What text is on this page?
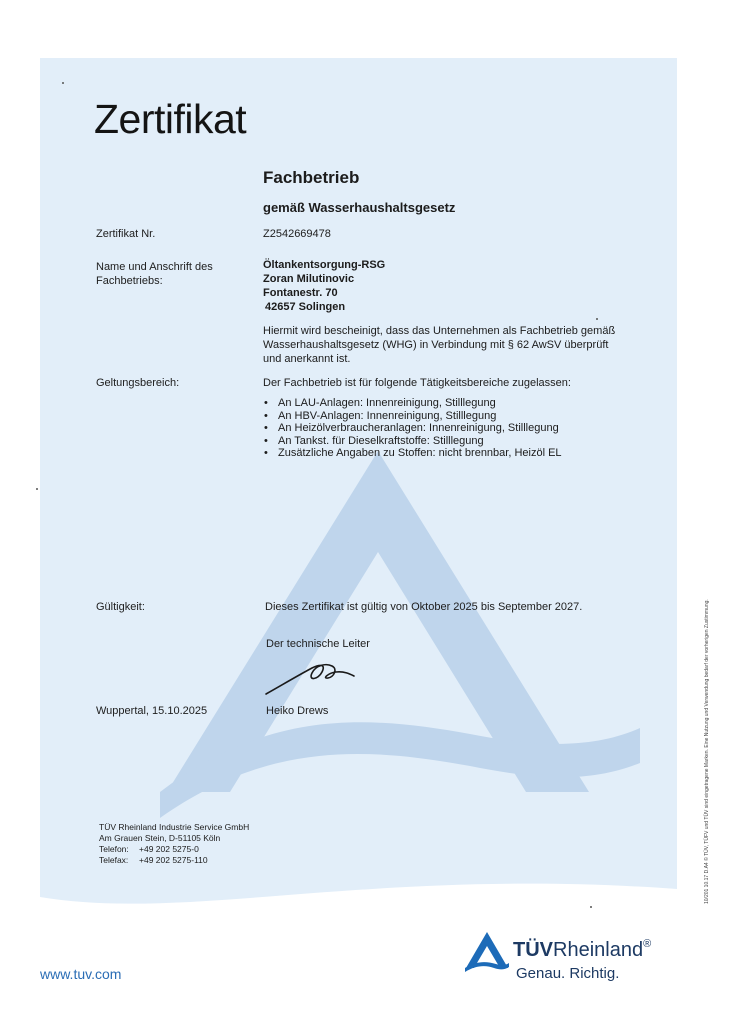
Zertifikat
Fachbetrieb
gemäß Wasserhaushaltsgesetz
Zertifikat Nr.	Z2542669478
Name und Anschrift des
Fachbetriebs:
Öltankentsorgung-RSG
Zoran Milutinovic
Fontanestr. 70
42657 Solingen
Hiermit wird bescheinigt, dass das Unternehmen als Fachbetrieb gemäß Wasserhaushaltsgesetz (WHG) in Verbindung mit § 62 AwSV überprüft und anerkannt ist.
Geltungsbereich:	Der Fachbetrieb ist für folgende Tätigkeitsbereiche zugelassen:
• An LAU-Anlagen: Innenreinigung, Stilllegung
• An HBV-Anlagen: Innenreinigung, Stilllegung
• An Heizölverbraucheranlagen: Innenreinigung, Stilllegung
• An Tankst. für Dieselkraftstoffe: Stilllegung
• Zusätzliche Angaben zu Stoffen: nicht brennbar, Heizöl EL
Gültigkeit:	Dieses Zertifikat ist gültig von Oktober 2025 bis September 2027.
Der technische Leiter
Wuppertal, 15.10.2025	Heiko Drews
TÜV Rheinland Industrie Service GmbH
Am Grauen Stein, D-51105 Köln
Telefon: +49 202 5275-0
Telefax: +49 202 5275-110
www.tuv.com
TÜVRheinland®
Genau. Richtig.
10/201 10.17 D.A4 © TÜV, TÜFV und TÜV sind eingetragene Marken. Eine Nutzung und Verwendung bedarf der vorherigen Zustimmung.
